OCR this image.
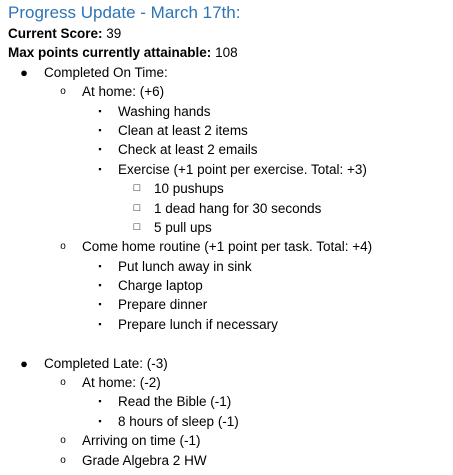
Progress Update - March 17th:
Current Score: 39
Max points currently attainable: 108
● Completed On Time:
o	At home: (+6)
▪	Washing hands
▪	Clean at least 2 items
▪	Check at least 2 emails
▪	Exercise (+1 point per exercise. Total: +3)
□ 10 pushups
□ 1 dead hang for 30 seconds
□ 5 pull ups
o	Come home routine (+1 point per task. Total: +4)
▪	Put lunch away in sink
▪	Charge laptop
▪	Prepare dinner
▪	Prepare lunch if necessary
● Completed Late: (-3)
o	At home: (-2)
▪	Read the Bible (-1)
▪	8 hours of sleep (-1)
o	Arriving on time (-1)
o	Grade Algebra 2 HW
